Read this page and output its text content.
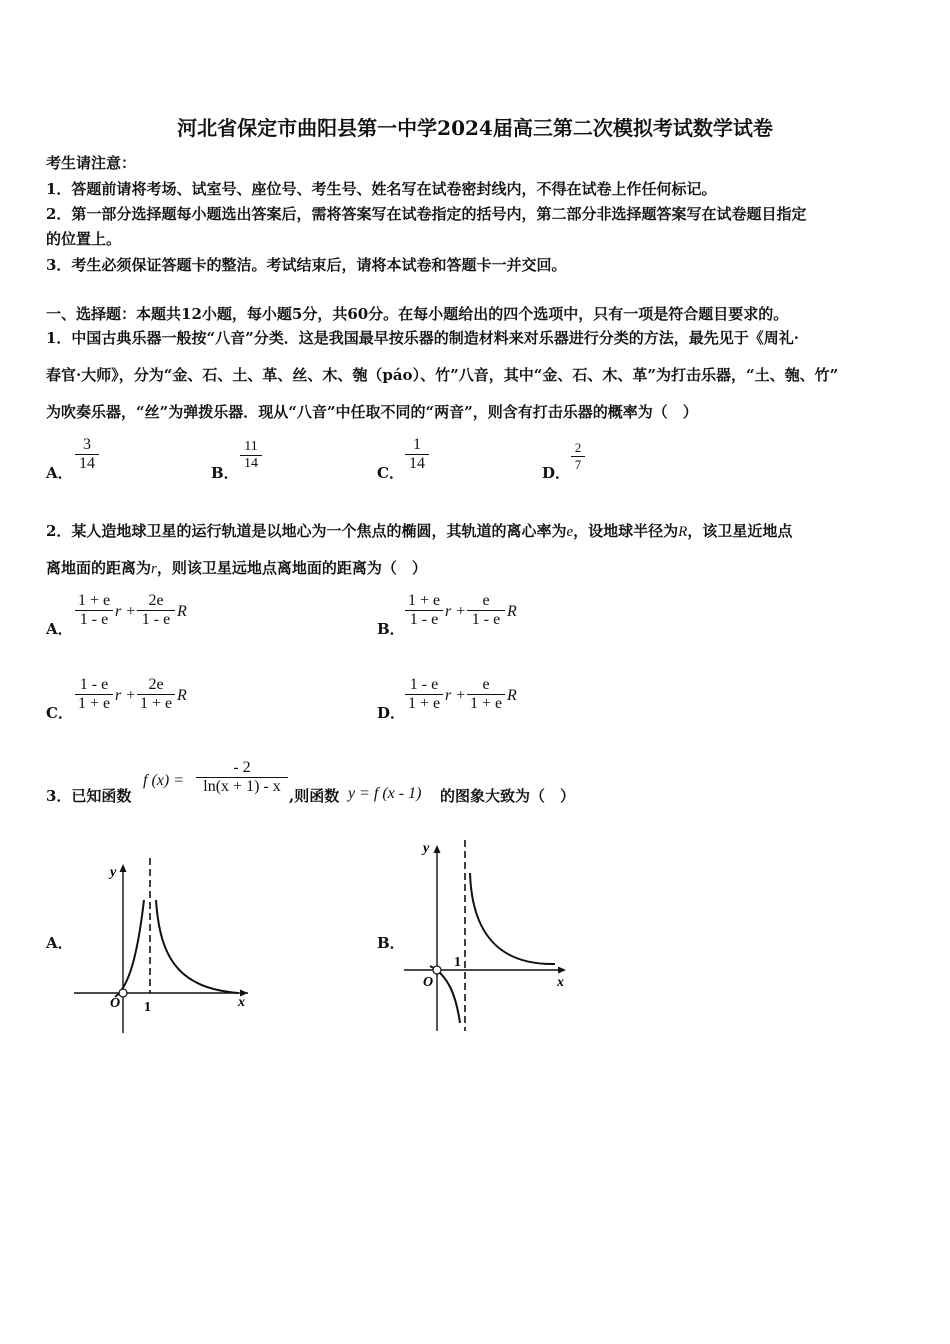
河北省保定市曲阳县第一中学2024届高三第二次模拟考试数学试卷
考生请注意：
1．答题前请将考场、试室号、座位号、考生号、姓名写在试卷密封线内，不得在试卷上作任何标记。
2．第一部分选择题每小题选出答案后，需将答案写在试卷指定的括号内，第二部分非选择题答案写在试卷题目指定
的位置上。
3．考生必须保证答题卡的整洁。考试结束后，请将本试卷和答题卡一并交回。
一、选择题：本题共12小题，每小题5分，共60分。在每小题给出的四个选项中，只有一项是符合题目要求的。
1．中国古典乐器一般按“八音”分类．这是我国最早按乐器的制造材料来对乐器进行分类的方法，最先见于《周礼·
春官·大师》，分为“金、石、土、革、丝、木、匏（páo）、竹”八音，其中“金、石、木、革”为打击乐器，“土、匏、竹”
为吹奏乐器，“丝”为弹拨乐器．现从“八音”中任取不同的“两音”，则含有打击乐器的概率为（　）
A．
3
14
B．
11
14
C．
1
14
D．
2
7
2．某人造地球卫星的运行轨道是以地心为一个焦点的椭圆，其轨道的离心率为e，设地球半径为R，该卫星近地点
离地面的距离为r，则该卫星远地点离地面的距离为（　）
A．
1 + e
1 - e r +
2e
1 - e R
B．
1 + e
1 - e r +
e
1 - e R
C．
1 - e
1 + e r +
2e
1 + e R
D．
1 - e
1 + e r +
e
1 + e R
3．已知函数
f (x) =
- 2
ln(x + 1) - x
,则函数 y = f (x - 1) 的图象大致为（　）
A．
y
x
O 1
B．
y
x
O
1
